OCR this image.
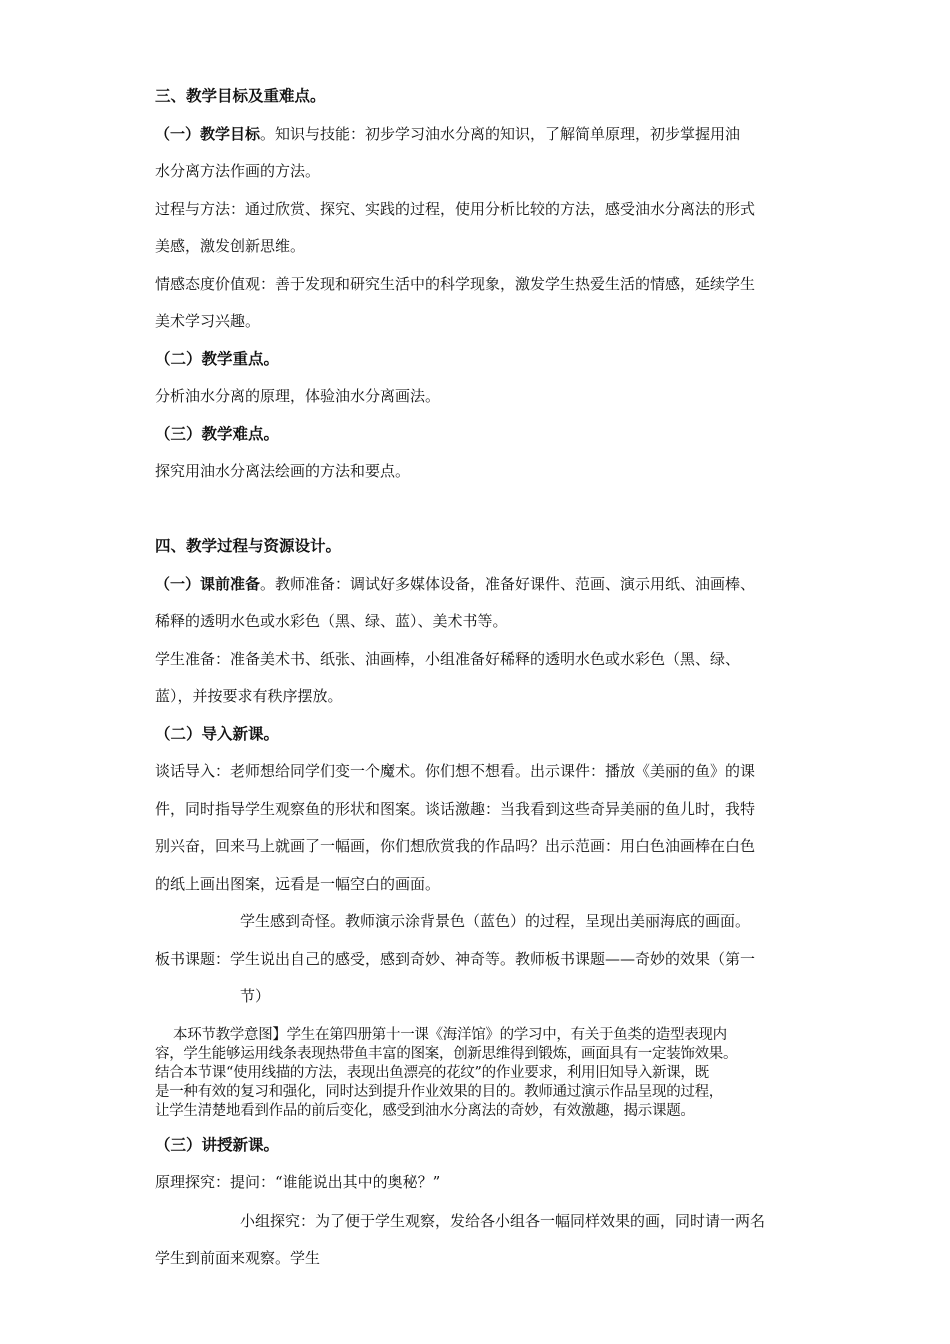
三、教学目标及重难点。
（一）教学目标。知识与技能：初步学习油水分离的知识，了解简单原理，初步掌握用油
水分离方法作画的方法。
过程与方法：通过欣赏、探究、实践的过程，使用分析比较的方法，感受油水分离法的形式
美感，激发创新思维。
情感态度价值观：善于发现和研究生活中的科学现象，激发学生热爱生活的情感，延续学生
美术学习兴趣。
（二）教学重点。
分析油水分离的原理，体验油水分离画法。
（三）教学难点。
探究用油水分离法绘画的方法和要点。
四、教学过程与资源设计。
（一）课前准备。教师准备：调试好多媒体设备，准备好课件、范画、演示用纸、油画棒、
稀释的透明水色或水彩色（黑、绿、蓝）、美术书等。
学生准备：准备美术书、纸张、油画棒，小组准备好稀释的透明水色或水彩色（黑、绿、
蓝），并按要求有秩序摆放。
（二）导入新课。
谈话导入：老师想给同学们变一个魔术。你们想不想看。出示课件：播放《美丽的鱼》的课
件，同时指导学生观察鱼的形状和图案。谈话激趣：当我看到这些奇异美丽的鱼儿时，我特
别兴奋，回来马上就画了一幅画，你们想欣赏我的作品吗？出示范画：用白色油画棒在白色
的纸上画出图案，远看是一幅空白的画面。
学生感到奇怪。教师演示涂背景色（蓝色）的过程，呈现出美丽海底的画面。
板书课题：学生说出自己的感受，感到奇妙、神奇等。教师板书课题——奇妙的效果（第一
节）
本环节教学意图】学生在第四册第十一课《海洋馆》的学习中，有关于鱼类的造型表现内
容，学生能够运用线条表现热带鱼丰富的图案，创新思维得到锻炼，画面具有一定装饰效果。
结合本节课“使用线描的方法，表现出鱼漂亮的花纹”的作业要求，利用旧知导入新课，既
是一种有效的复习和强化，同时达到提升作业效果的目的。教师通过演示作品呈现的过程，
让学生清楚地看到作品的前后变化，感受到油水分离法的奇妙，有效激趣，揭示课题。
（三）讲授新课。
原理探究：提问：“谁能说出其中的奥秘？”
小组探究：为了便于学生观察，发给各小组各一幅同样效果的画，同时请一两名
学生到前面来观察。学生
